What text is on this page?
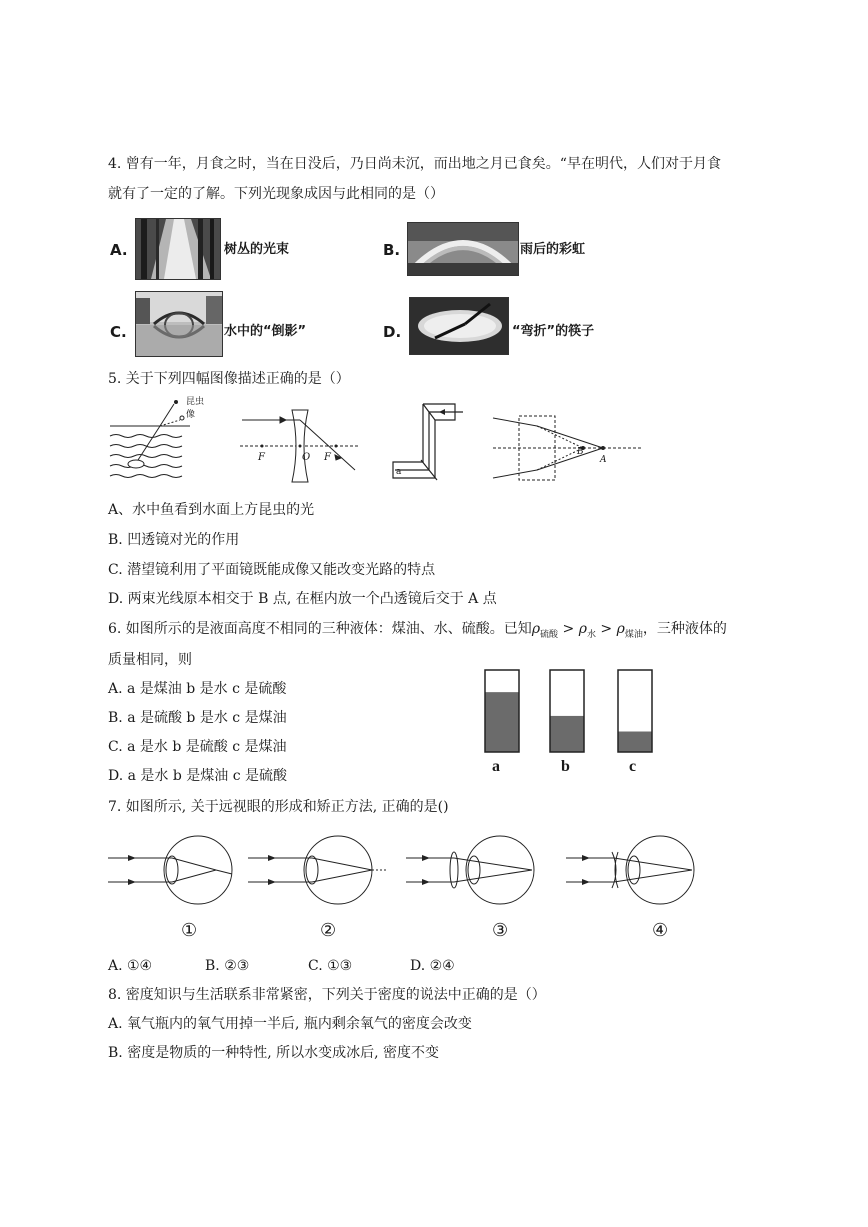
4. 曾有一年，月食之时，当在日没后，乃日尚未沉，而出地之月已食矣。“早在明代，人们对于月食
就有了一定的了解。下列光现象成因与此相同的是（）
A.	树丛的光束	B.	雨后的彩虹
C.	水中的“倒影”	D.	“弯折”的筷子
5. 关于下列四幅图像描述正确的是（）
昆虫
像
F	O F
a
B
A
A、水中鱼看到水面上方昆虫的光
B. 凹透镜对光的作用
C. 潜望镜利用了平面镜既能成像又能改变光路的特点
D. 两束光线原本相交于 B 点, 在框内放一个凸透镜后交于 A 点
6. 如图所示的是液面高度不相同的三种液体：煤油、水、硫酸。已知$\rho_{硫酸} > \rho_水 > \rho_{煤油}$，三种液体的
质量相同，则
A. a 是煤油 b 是水 c 是硫酸
B. a 是硫酸 b 是水 c 是煤油
C. a 是水 b 是硫酸 c 是煤油
D. a 是水 b 是煤油 c 是硫酸
a	b	c
7. 如图所示, 关于远视眼的形成和矫正方法, 正确的是()
①	②	③	④
A. ①④	B. ②③	C. ①③	D. ②④
8. 密度知识与生活联系非常紧密，下列关于密度的说法中正确的是（）
A. 氧气瓶内的氧气用掉一半后, 瓶内剩余氧气的密度会改变
B. 密度是物质的一种特性, 所以水变成冰后, 密度不变
